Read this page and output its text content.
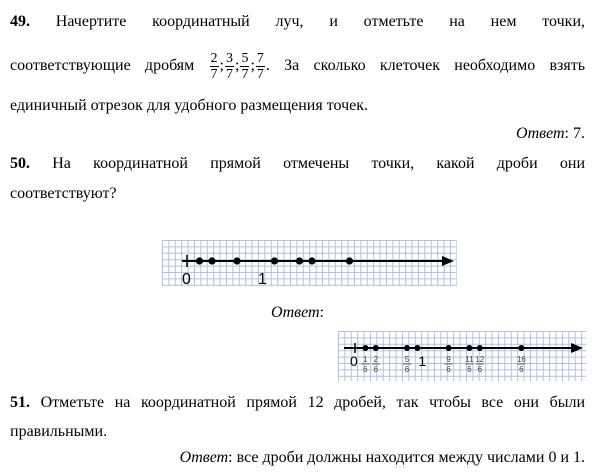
49. Начертите координатный луч, и отметьте на нем точки,
соответствующие дробям $\frac{2}{7}$ ; $\frac{3}{7}$ ; $\frac{5}{7}$ ; $\frac{7}{7}$ . За сколько клеточек необходимо взять
единичный отрезок для удобного размещения точек.
Ответ: 7.
50. На координатной прямой отмечены точки, какой дроби они
соответствуют?
0	1
Ответ:
0	1
1
6
2
6
5
6
9
6
11
6
12
6
16
6
51. Отметьте на координатной прямой 12 дробей, так чтобы все они были
правильными.
Ответ: все дроби должны находится между числами 0 и 1.
